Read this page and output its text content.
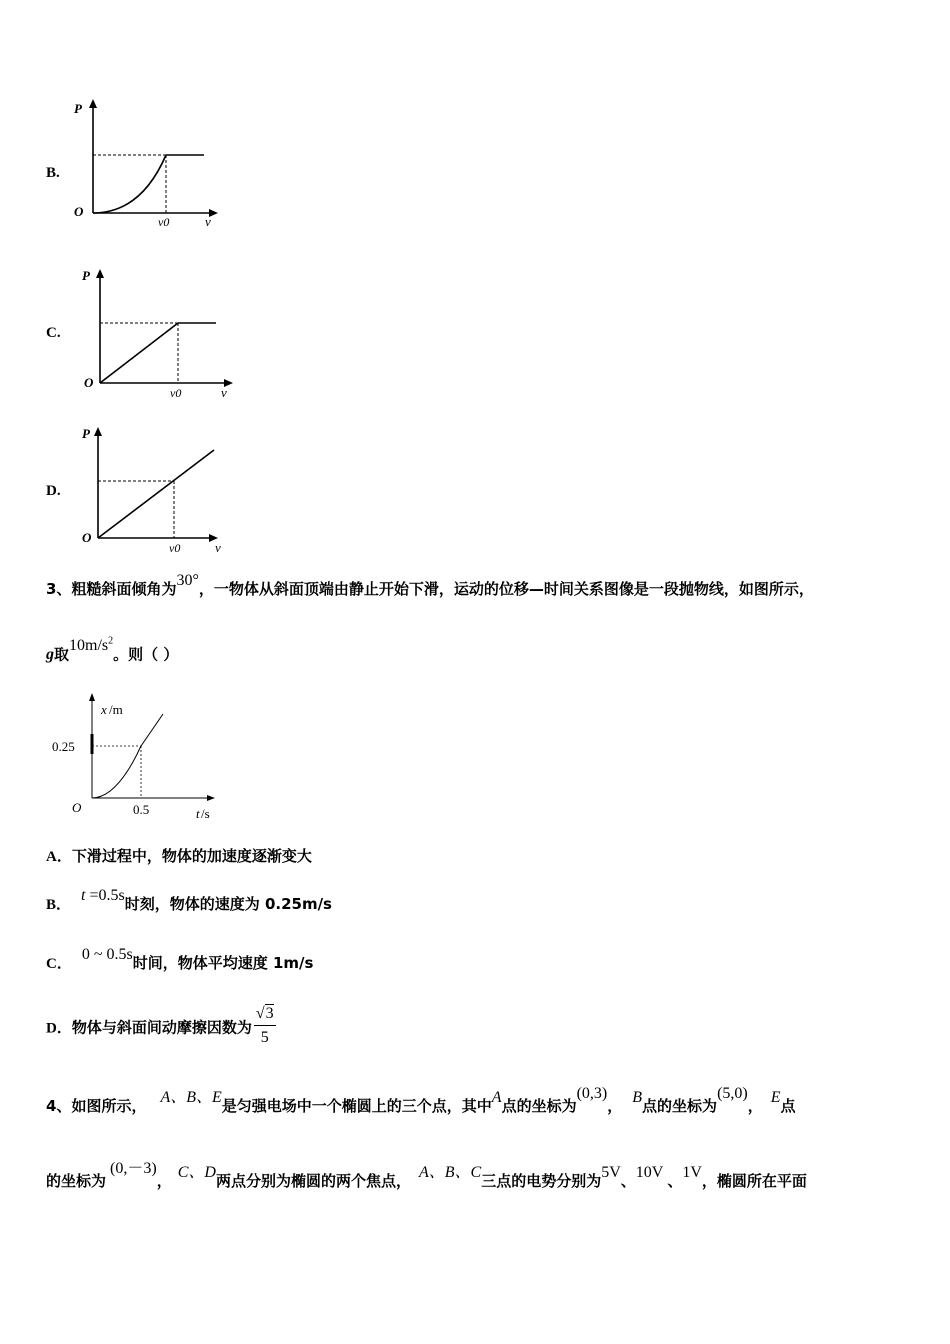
B.
P
O
v0	v
C.
P
O
v0	v
D.
P
O
v0	v
3、粗糙斜面倾角为30°，一物体从斜面顶端由静止开始下滑，运动的位移—时间关系图像是一段抛物线，如图所示，
g取$10m/s^2$。则（ ）
x /m
0.25
O	0.5	t /s
A．下滑过程中，物体的加速度逐渐变大
B．t =0.5s时刻，物体的速度为 0.25m/s
C．0 ~ 0.5s时间，物体平均速度 1m/s
D．物体与斜面间动摩擦因数为 $\frac{√3}{5}$
4、如图所示， A、B、E是匀强电场中一个椭圆上的三个点，其中A点的坐标为(0,3)， B点的坐标为(5,0)， E点
的坐标为(0,－3)， C、D两点分别为椭圆的两个焦点， A、B、C三点的电势分别为5V、10V 、1V，椭圆所在平面
